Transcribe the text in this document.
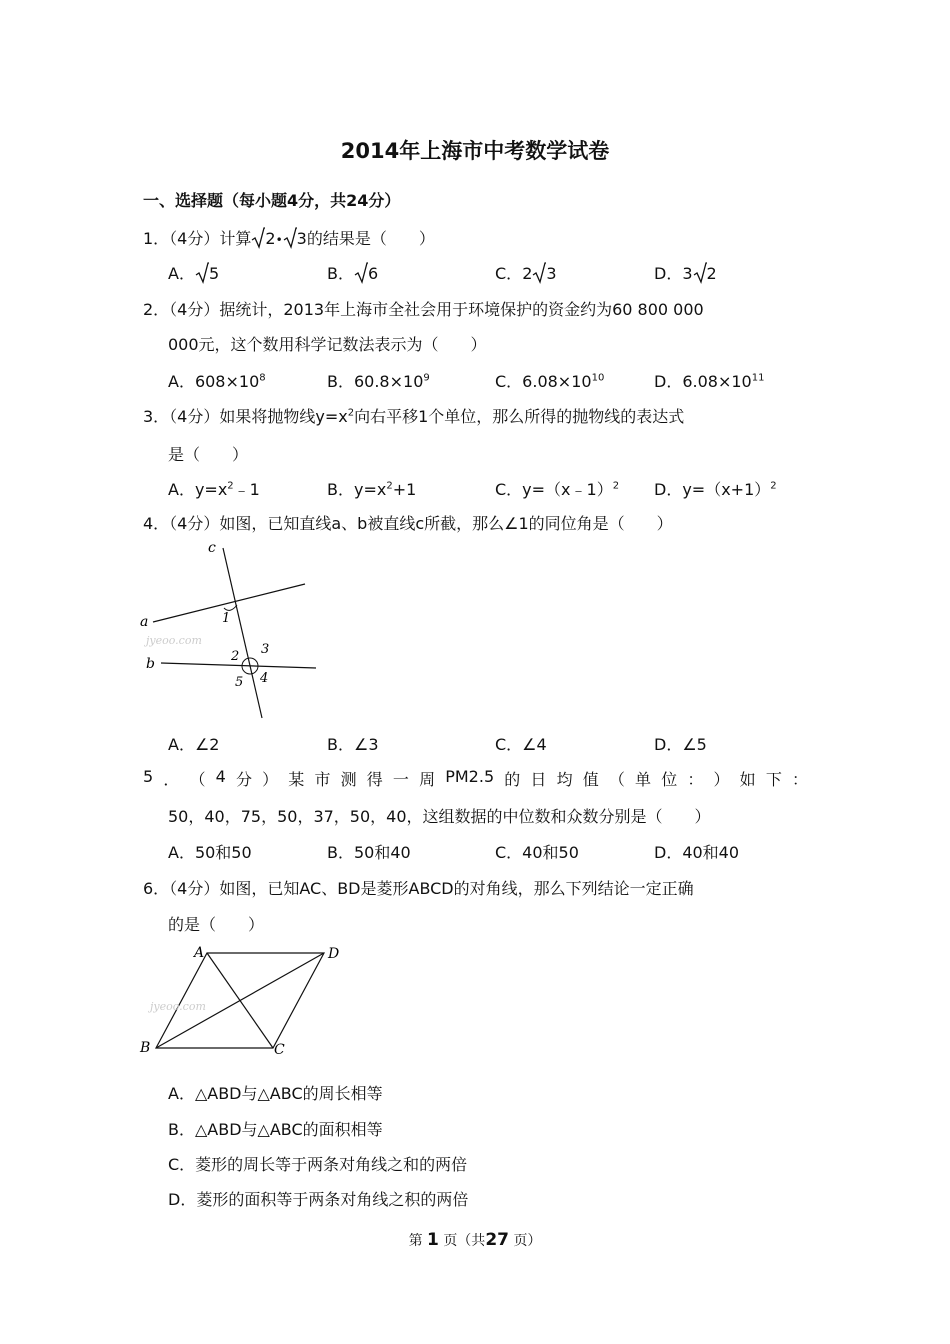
2014年上海市中考数学试卷
一、选择题（每小题4分，共24分）
1．（4分）计算 2• 3的结果是（　　）
A． 5	B． 6	C．2 3	D．3 2
2．（4分）据统计，2013年上海市全社会用于环境保护的资金约为60 800 000
000元，这个数用科学记数法表示为（　　）
A．$608\times 10^8$	B．$60.8\times 10^9$	C．$6.08\times 10^{10}$	D．$6.08\times 10^{11}$
3．（4分）如果将抛物线$y=x^2$向右平移1个单位，那么所得的抛物线的表达式
是（　　）
A．$y=x^2﹣1$	B．$y=x^2+1$	C．y=（x﹣1）$^2$ D．$y=(x+1)^2$
4．（4分）如图，已知直线a、b被直线c所截，那么∠1的同位角是（　　）
jyeoo.com
c
a
b
1
2 3
4
5
A．∠2	B．∠3	C．∠4	D．∠5
5 ． （ 4 分 ） 某 市 测 得 一 周 PM2.5 的 日 均 值 （ 单 位 ： ） 如 下 ：
50，40，75，50，37，50，40，这组数据的中位数和众数分别是（　　）
A．50和50	B．50和40	C．40和50	D．40和40
6．（4分）如图，已知AC、BD是菱形ABCD的对角线，那么下列结论一定正确
的是（　　）
jyeoo.com
A	D
B	C
A．△ABD与△ABC的周长相等
B．△ABD与△ABC的面积相等
C．菱形的周长等于两条对角线之和的两倍
D．菱形的面积等于两条对角线之积的两倍
第 1 页（共27 页）
